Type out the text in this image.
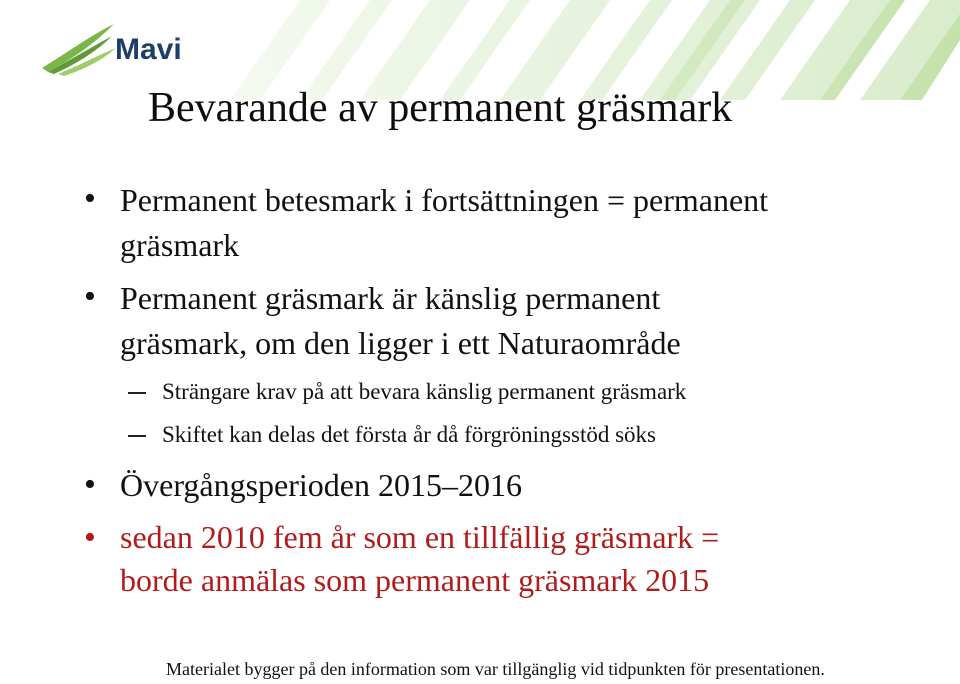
Mavi
Bevarande av permanent gräsmark
• Permanent betesmark i fortsättningen = permanent
gräsmark
• Permanent gräsmark är känslig permanent
gräsmark, om den ligger i ett Naturaområde
Strängare krav på att bevara känslig permanent gräsmark
Skiftet kan delas det första år då förgröningsstöd söks
• Övergångsperioden 2015–2016
• sedan 2010 fem år som en tillfällig gräsmark =
borde anmälas som permanent gräsmark 2015
Materialet bygger på den information som var tillgänglig vid tidpunkten för presentationen.
